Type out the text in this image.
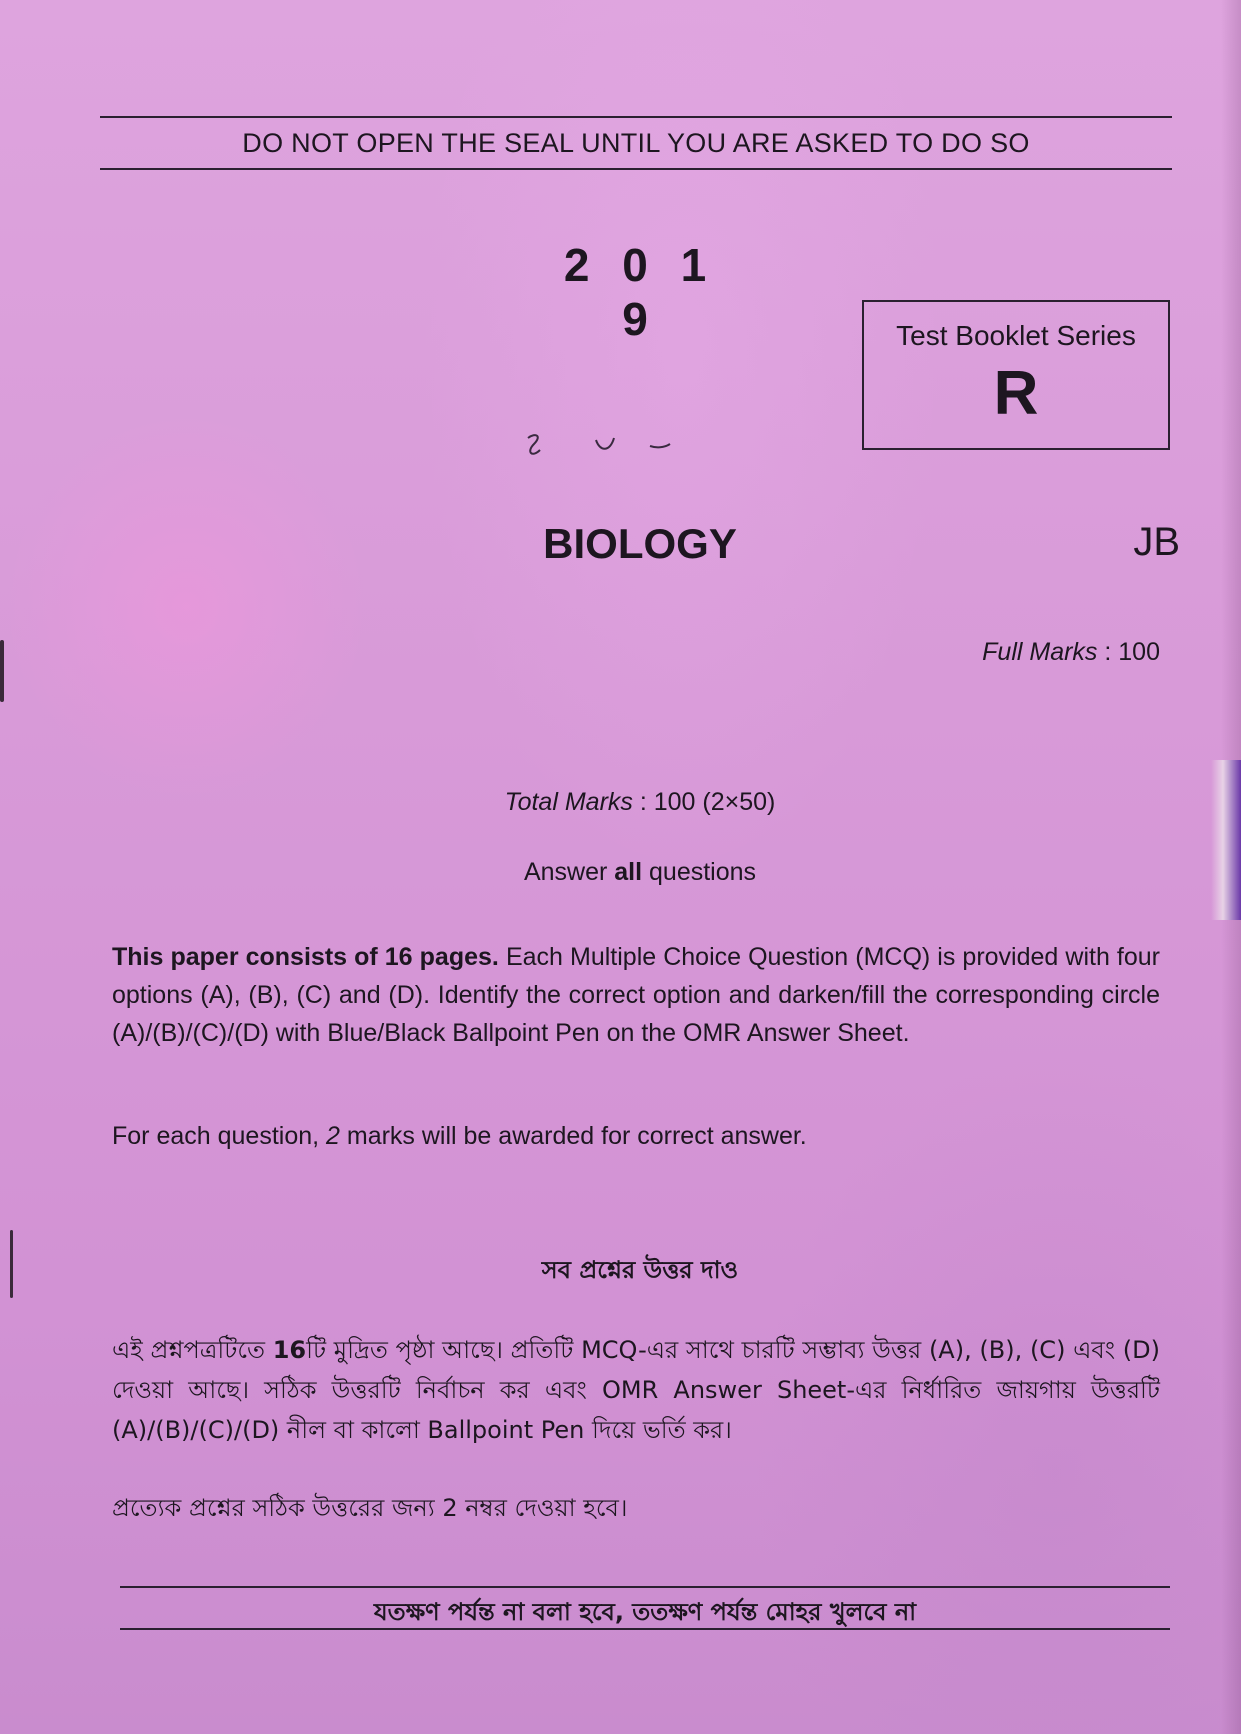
DO NOT OPEN THE SEAL UNTIL YOU ARE ASKED TO DO SO
2 0 1 9	Test Booklet Series
R
BIOLOGY	JB
Full Marks : 100
Total Marks : 100 (2×50)
Answer all questions
This paper consists of 16 pages. Each Multiple Choice Question (MCQ) is provided with four options (A), (B), (C) and (D). Identify the correct option and darken/fill the corresponding circle (A)/(B)/(C)/(D) with Blue/Black Ballpoint Pen on the OMR Answer Sheet.
For each question, 2 marks will be awarded for correct answer.
সব প্রশ্নের উত্তর দাও
এই প্রশ্নপত্রটিতে 16টি মুদ্রিত পৃষ্ঠা আছে। প্রতিটি MCQ-এর সাথে চারটি সম্ভাব্য উত্তর (A), (B), (C) এবং (D) দেওয়া আছে। সঠিক উত্তরটি নির্বাচন কর এবং OMR Answer Sheet-এর নির্ধারিত জায়গায় উত্তরটি (A)/(B)/(C)/(D) নীল বা কালো Ballpoint Pen দিয়ে ভর্তি কর।
প্রত্যেক প্রশ্নের সঠিক উত্তরের জন্য 2 নম্বর দেওয়া হবে।
যতক্ষণ পর্যন্ত না বলা হবে, ততক্ষণ পর্যন্ত মোহর খুলবে না
